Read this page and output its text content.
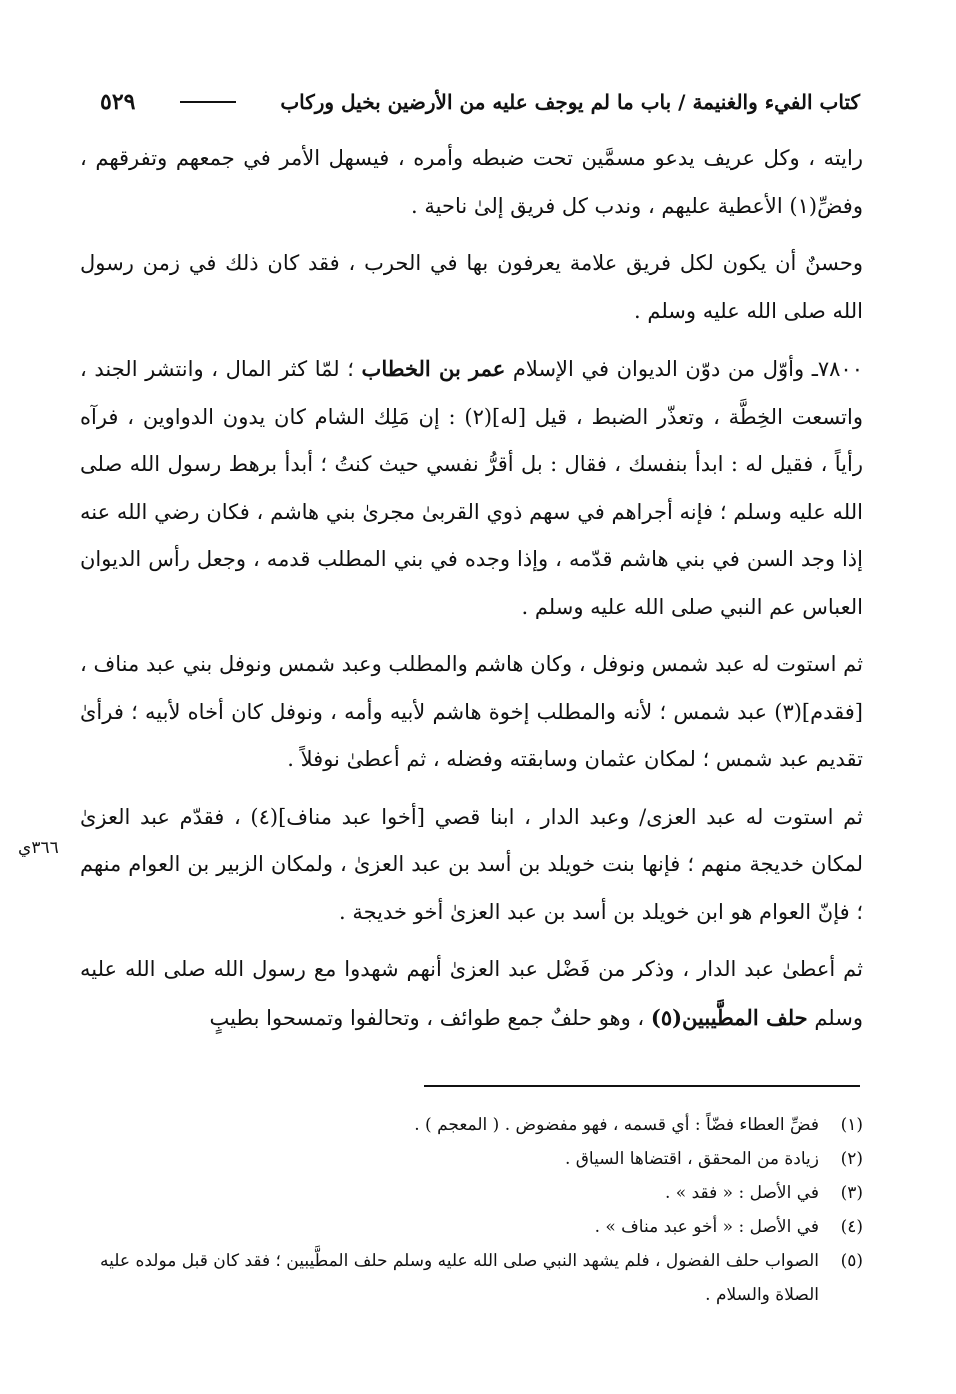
كتاب الفيء والغنيمة / باب ما لم يوجف عليه من الأرضين بخيل وركاب
٥٢٩
٣٦٦ي

رايته ، وكل عريف يدعو مسمَّين تحت ضبطه وأمره ، فيسهل الأمر في جمعهم وتفرقهم ، وفضِّ(١) الأعطية عليهم ، وندب كل فريق إلىٰ ناحية .

وحسنٌ أن يكون لكل فريق علامة يعرفون بها في الحرب ، فقد كان ذلك في زمن رسول الله صلى الله عليه وسلم .

٧٨٠٠ـ وأوّل من دوّن الديوان في الإسلام عمر بن الخطاب ؛ لمّا كثر المال ، وانتشر الجند ، واتسعت الخِطَّة ، وتعذّر الضبط ، قيل [له](٢) : إن مَلِك الشام كان يدون الدواوين ، فرآه رأياً ، فقيل له : ابدأ بنفسك ، فقال : بل أقرُّ نفسي حيث كنتُ ؛ أبدأ برهط رسول الله صلى الله عليه وسلم ؛ فإنه أجراهم في سهم ذوي القربىٰ مجرىٰ بني هاشم ، فكان رضي الله عنه إذا وجد السن في بني هاشم قدّمه ، وإذا وجده في بني المطلب قدمه ، وجعل رأس الديوان العباس عم النبي صلى الله عليه وسلم .

ثم استوت له عبد شمس ونوفل ، وكان هاشم والمطلب وعبد شمس ونوفل بني عبد مناف ، [فقدم](٣) عبد شمس ؛ لأنه والمطلب إخوة هاشم لأبيه وأمه ، ونوفل كان أخاه لأبيه ؛ فرأىٰ تقديم عبد شمس ؛ لمكان عثمان وسابقته وفضله ، ثم أعطىٰ نوفلاً .

ثم استوت له عبد العزى/ وعبد الدار ، ابنا قصي [أخوا عبد مناف](٤) ، فقدّم عبد العزىٰ لمكان خديجة منهم ؛ فإنها بنت خويلد بن أسد بن عبد العزىٰ ، ولمكان الزبير بن العوام منهم ؛ فإنّ العوام هو ابن خويلد بن أسد بن عبد العزىٰ أخو خديجة .

ثم أعطىٰ عبد الدار ، وذكر من فَضْل عبد العزىٰ أنهم شهدوا مع رسول الله صلى الله عليه وسلم حلف المطَّيبين(٥) ، وهو حلفٌ جمع طوائف ، وتحالفوا وتمسحوا بطيبٍ

(١)
فضِّ العطاء فضّاً : أي قسمه ، فهو مفضوض . ( المعجم ) .
(٢)
زيادة من المحقق ، اقتضاها السياق .
(٣)
في الأصل : « فقد » .
(٤)
في الأصل : « أخو عبد مناف » .
(٥)
الصواب حلف الفضول ، فلم يشهد النبي صلى الله عليه وسلم حلف المطَّيبين ؛ فقد كان قبل مولده عليه الصلاة والسلام .
